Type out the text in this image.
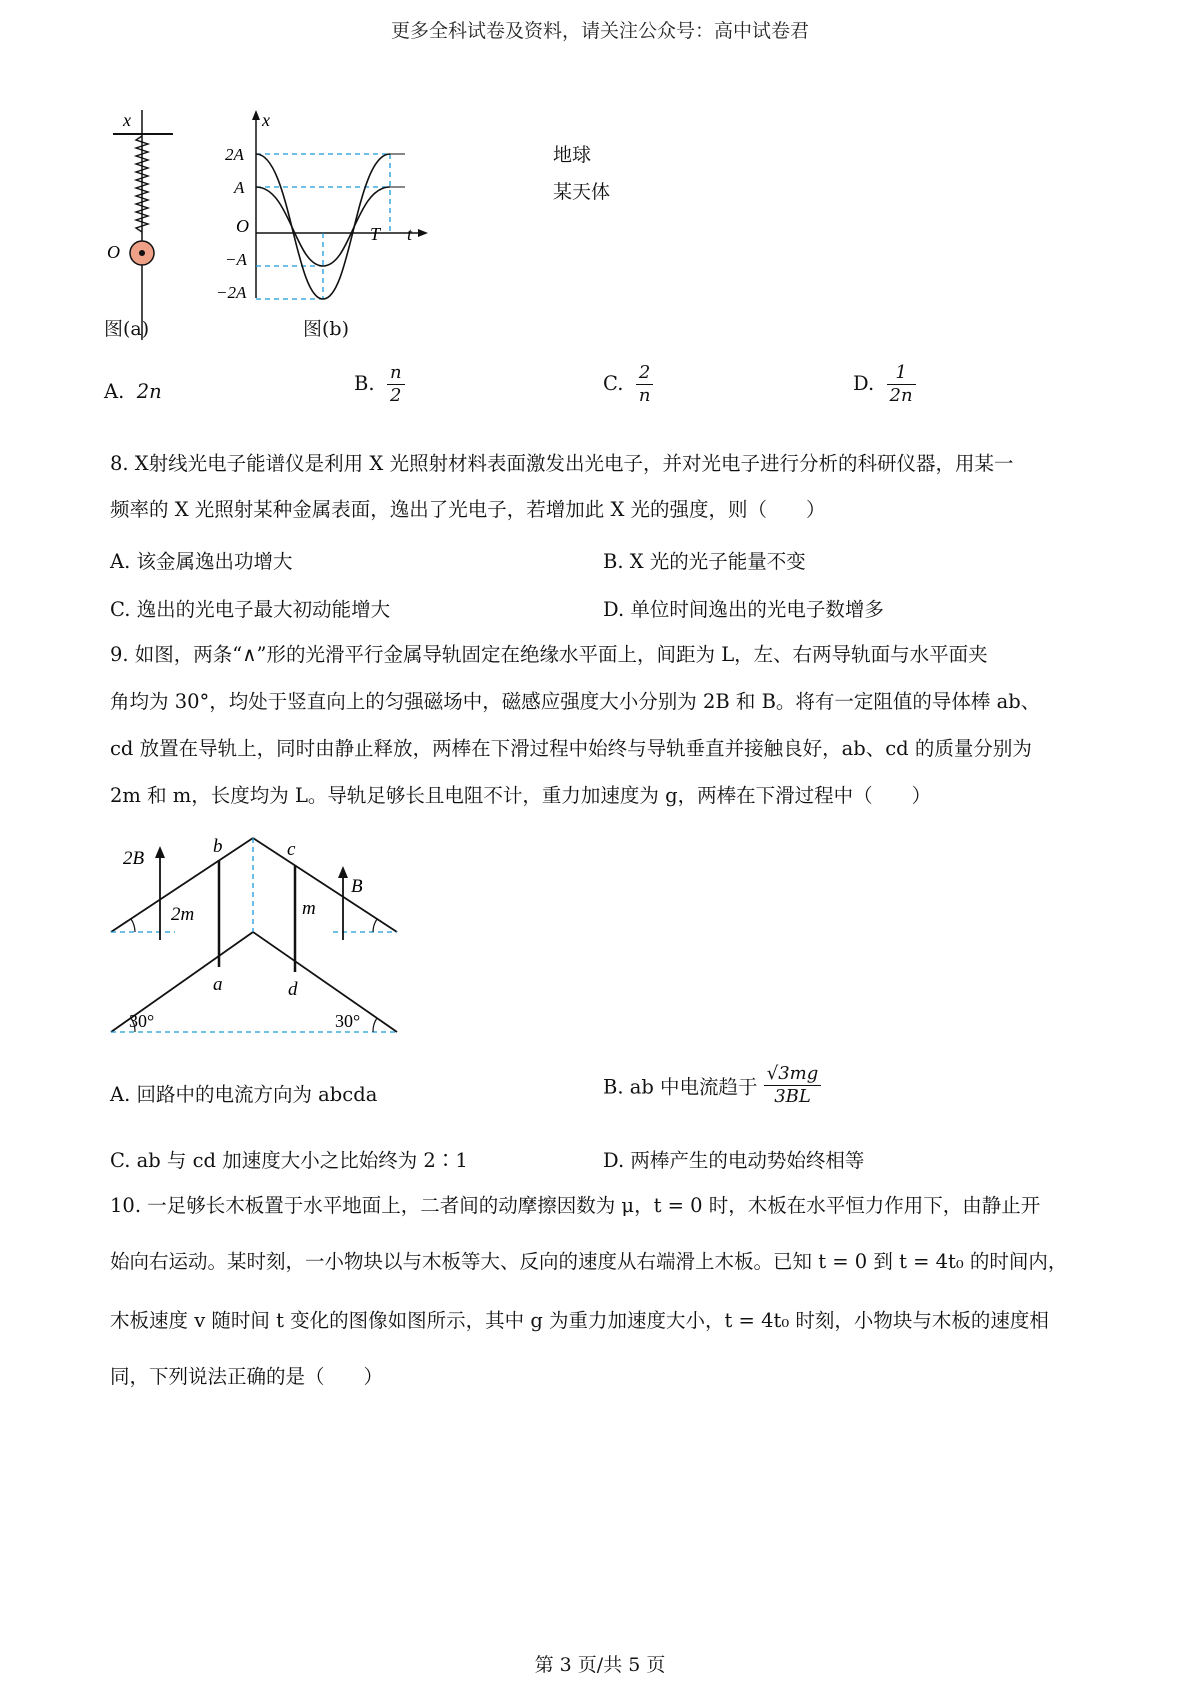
更多全科试卷及资料，请关注公众号：高中试卷君
x
O
图(a)
x
O	t
T
2A
A
−A
−2A
地球
某天体
图(b)
A. 2n	B. $\frac{n}{2}$	C. $\frac{2}{n}$	D. $\frac{1}{2n}$
8. X射线光电子能谱仪是利用 X 光照射材料表面激发出光电子，并对光电子进行分析的科研仪器，用某一
频率的 X 光照射某种金属表面，逸出了光电子，若增加此 X 光的强度，则（　　）
A. 该金属逸出功增大	B. X 光的光子能量不变
C. 逸出的光电子最大初动能增大	D. 单位时间逸出的光电子数增多
9. 如图，两条“∧”形的光滑平行金属导轨固定在绝缘水平面上，间距为 L，左、右两导轨面与水平面夹
角均为 30°，均处于竖直向上的匀强磁场中，磁感应强度大小分别为 2B 和 B。将有一定阻值的导体棒 ab、
cd 放置在导轨上，同时由静止释放，两棒在下滑过程中始终与导轨垂直并接触良好，ab、cd 的质量分别为
2m 和 m，长度均为 L。导轨足够长且电阻不计，重力加速度为 g，两棒在下滑过程中（　　）
2B
B
b	c
a	d
2m	m
30°	30°
A. 回路中的电流方向为 abcda	B. ab 中电流趋于 $\frac{√3mg}{3BL}$
C. ab 与 cd 加速度大小之比始终为 2∶1	D. 两棒产生的电动势始终相等
10. 一足够长木板置于水平地面上，二者间的动摩擦因数为 μ，t = 0 时，木板在水平恒力作用下，由静止开
始向右运动。某时刻，一小物块以与木板等大、反向的速度从右端滑上木板。已知 t = 0 到 t = 4t₀ 的时间内，
木板速度 v 随时间 t 变化的图像如图所示，其中 g 为重力加速度大小，t = 4t₀ 时刻，小物块与木板的速度相
同，下列说法正确的是（　　）
第 3 页/共 5 页
